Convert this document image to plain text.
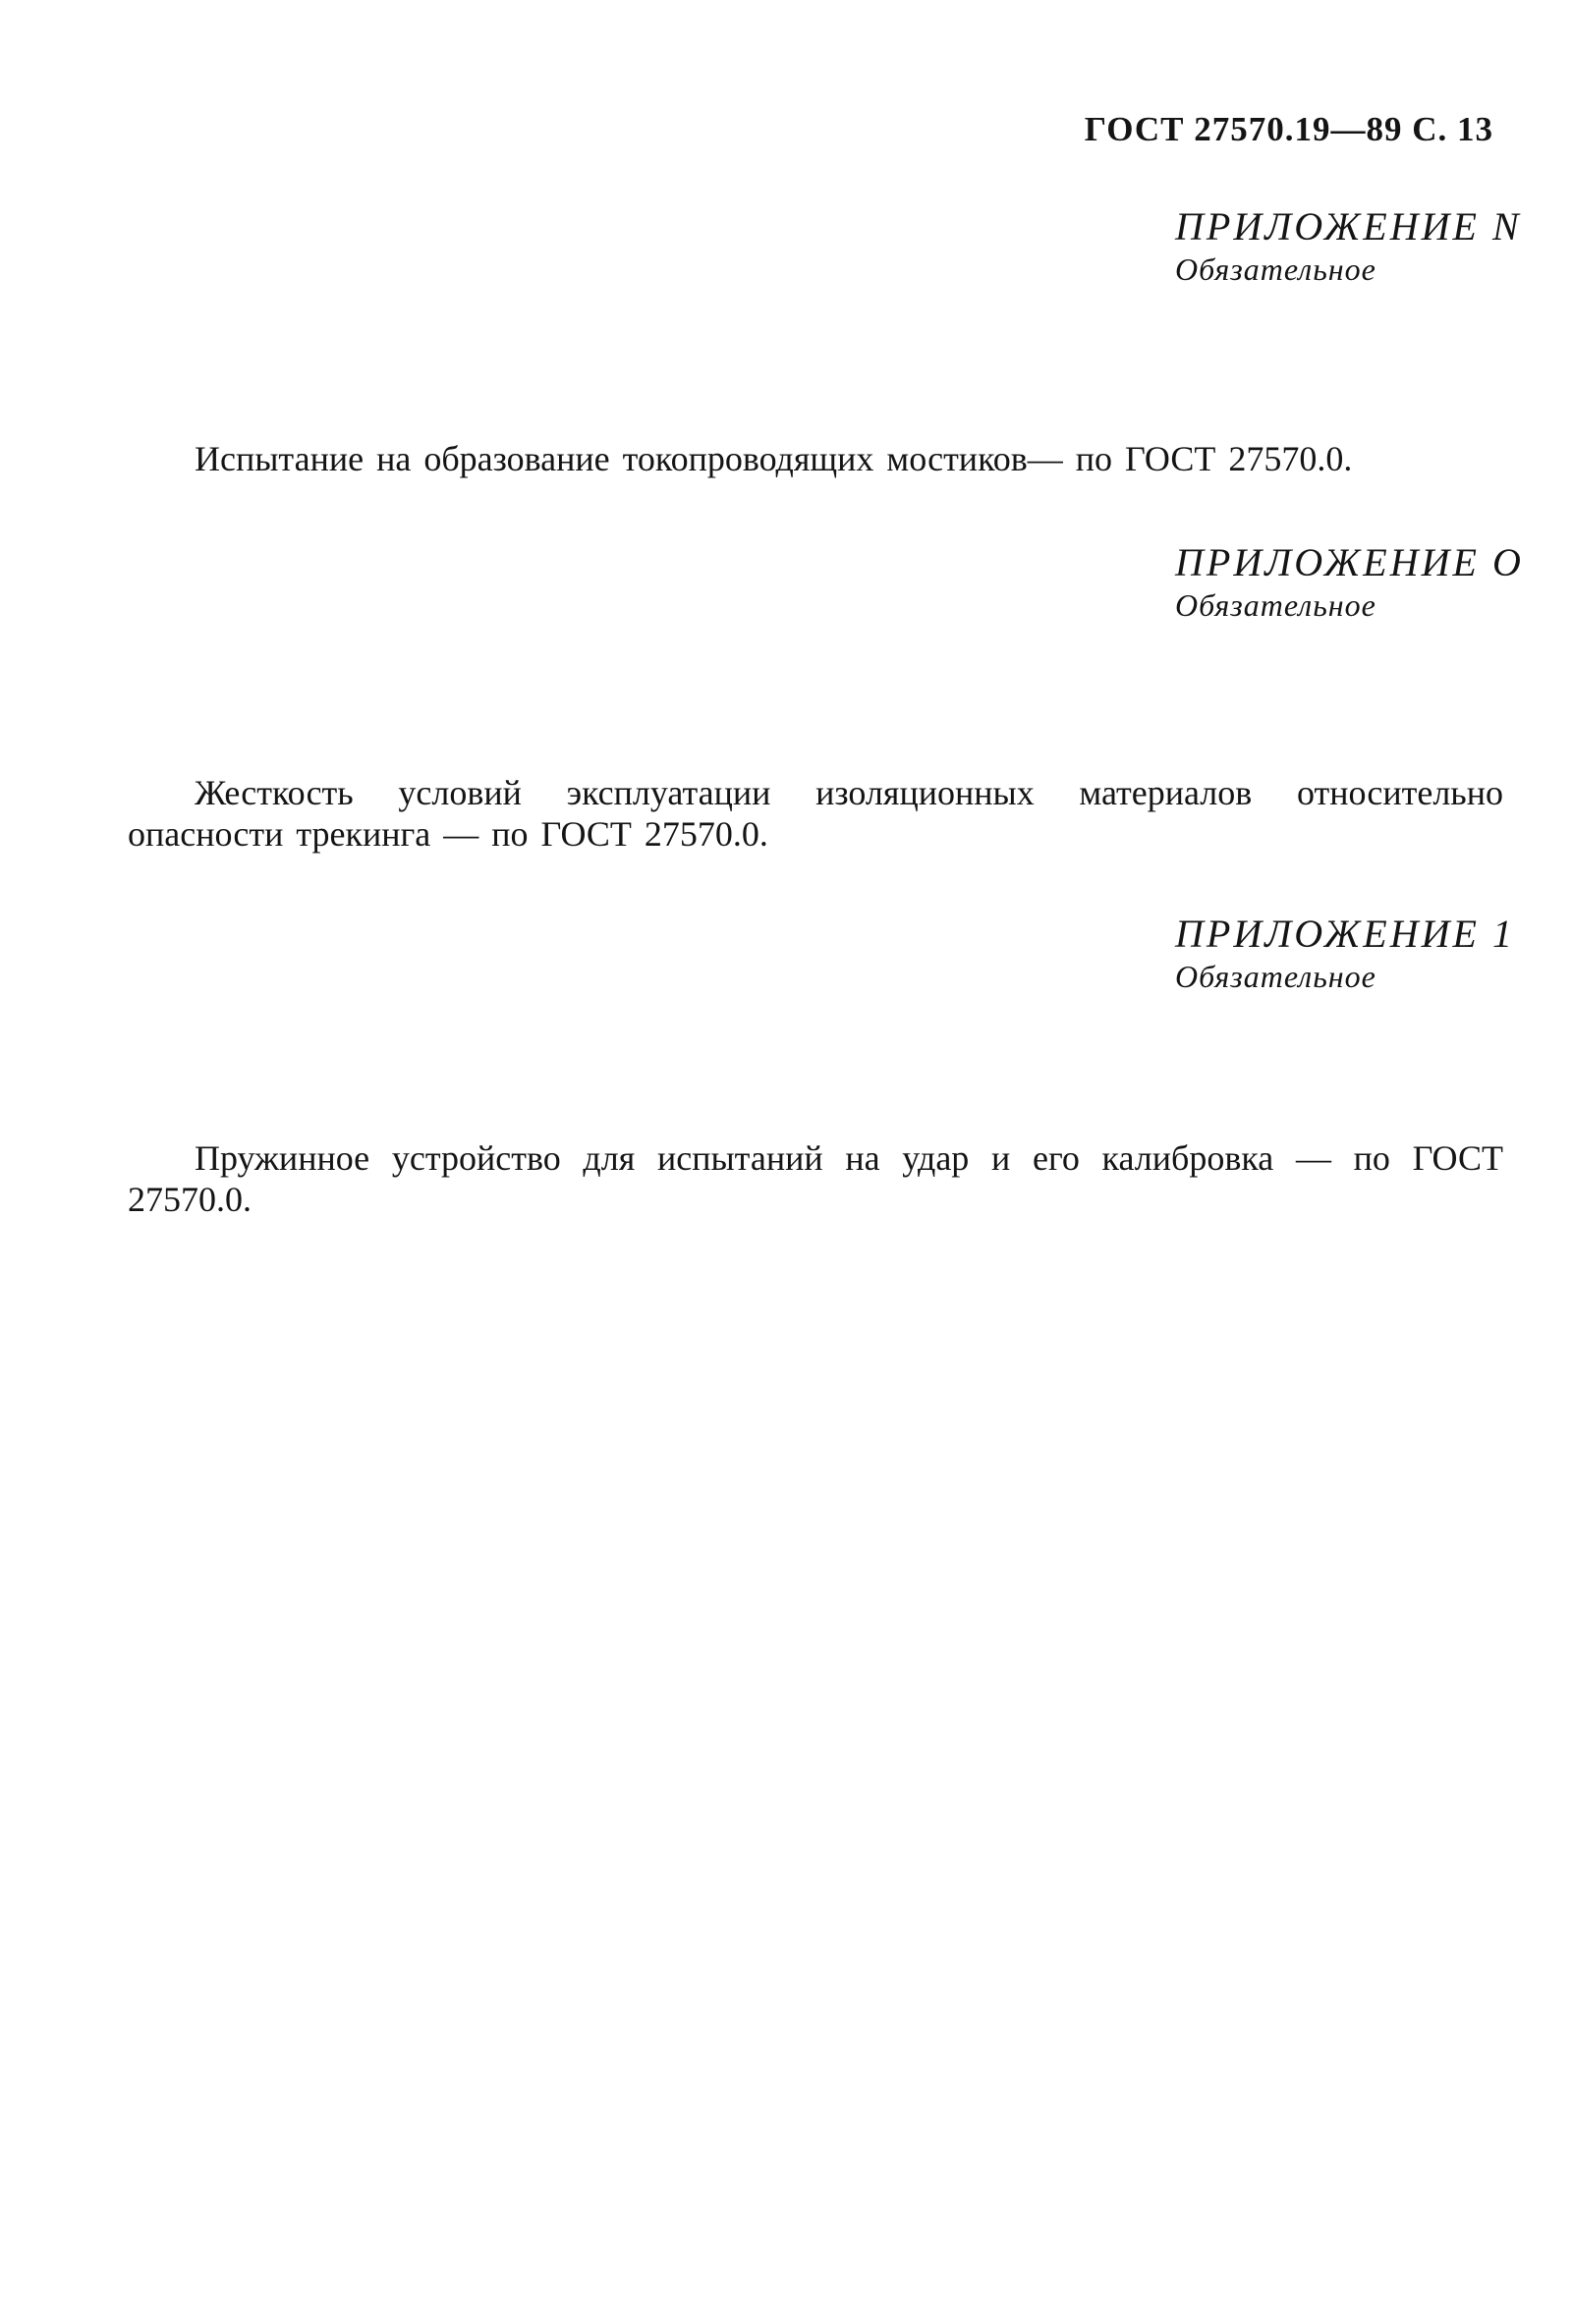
ГОСТ 27570.19—89 С. 13
ПРИЛОЖЕНИЕ N
Обязательное

Испытание на образование токопроводящих мостиков— по ГОСТ 27570.0.

ПРИЛОЖЕНИЕ О
Обязательное

Жесткость условий эксплуатации изоляционных материалов относительно опасности трекинга — по ГОСТ 27570.0.

ПРИЛОЖЕНИЕ 1
Обязательное

Пружинное устройство для испытаний на удар и его калибровка — по ГОСТ 27570.0.
